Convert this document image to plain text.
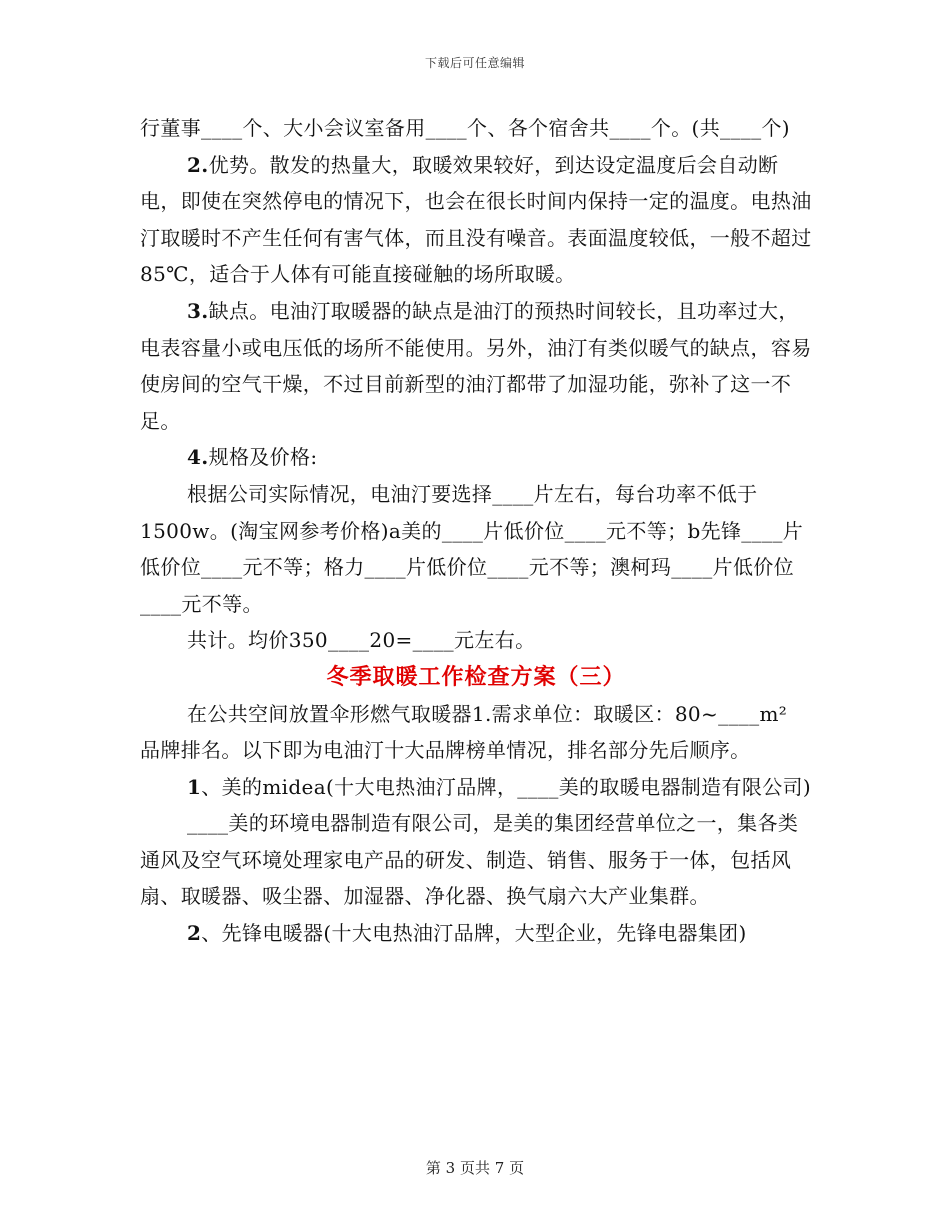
下载后可任意编辑

行董事____个、大小会议室备用____个、各个宿舍共____个。(共____个)

2.优势。散发的热量大，取暖效果较好，到达设定温度后会自动断电，即使在突然停电的情况下，也会在很长时间内保持一定的温度。电热油汀取暖时不产生任何有害气体，而且没有噪音。表面温度较低，一般不超过85℃，适合于人体有可能直接碰触的场所取暖。

3.缺点。电油汀取暖器的缺点是油汀的预热时间较长，且功率过大，电表容量小或电压低的场所不能使用。另外，油汀有类似暖气的缺点，容易使房间的空气干燥，不过目前新型的油汀都带了加湿功能，弥补了这一不足。

4.规格及价格:

根据公司实际情况，电油汀要选择____片左右，每台功率不低于1500w。(淘宝网参考价格)a美的____片低价位____元不等；b先锋____片低价位____元不等；格力____片低价位____元不等；澳柯玛____片低价位____元不等。

共计。均价350____20=____元左右。

冬季取暖工作检查方案（三）

在公共空间放置伞形燃气取暖器1.需求单位：取暖区：80~____m²

品牌排名。以下即为电油汀十大品牌榜单情况，排名部分先后顺序。

1、美的midea(十大电热油汀品牌，____美的取暖电器制造有限公司)

____美的环境电器制造有限公司，是美的集团经营单位之一，集各类通风及空气环境处理家电产品的研发、制造、销售、服务于一体，包括风扇、取暖器、吸尘器、加湿器、净化器、换气扇六大产业集群。

2、先锋电暖器(十大电热油汀品牌，大型企业，先锋电器集团)

第 3 页共 7 页
